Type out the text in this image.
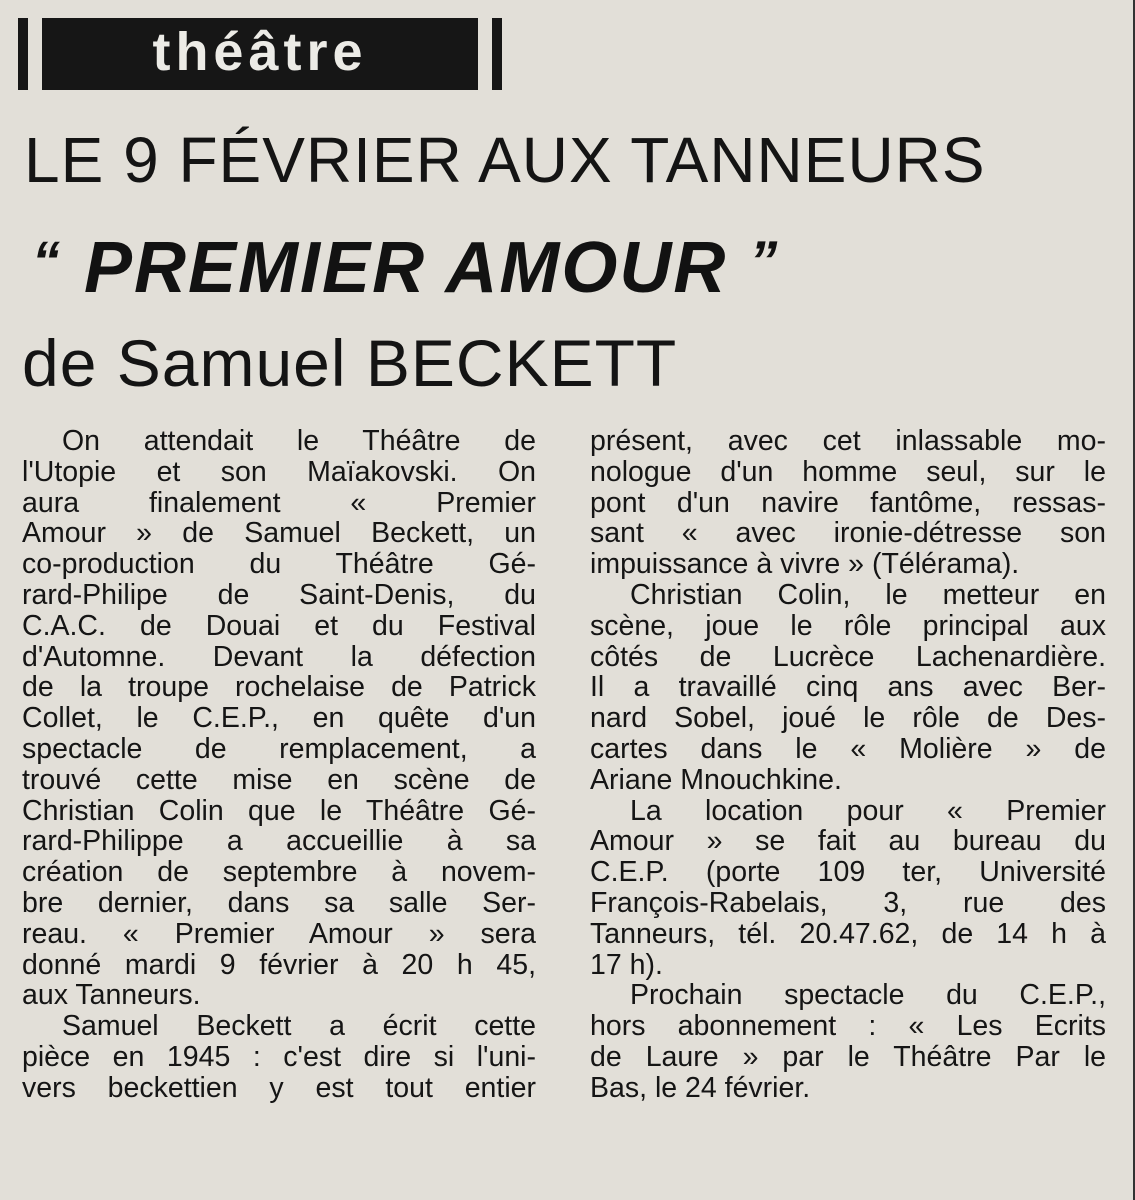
théâtre
LE 9 FÉVRIER AUX TANNEURS
“ PREMIER AMOUR ”
de Samuel BECKETT
On attendait le Théâtre de
l'Utopie et son Maïakovski. On
aura finalement « Premier
Amour » de Samuel Beckett, un
co-production du Théâtre Gé-
rard-Philipe de Saint-Denis, du
C.A.C. de Douai et du Festival
d'Automne. Devant la défection
de la troupe rochelaise de Patrick
Collet, le C.E.P., en quête d'un
spectacle de remplacement, a
trouvé cette mise en scène de
Christian Colin que le Théâtre Gé-
rard-Philippe a accueillie à sa
création de septembre à novem-
bre dernier, dans sa salle Ser-
reau. « Premier Amour » sera
donné mardi 9 février à 20 h 45,
aux Tanneurs.
Samuel Beckett a écrit cette
pièce en 1945 : c'est dire si l'uni-
vers beckettien y est tout entier
présent, avec cet inlassable mo-
nologue d'un homme seul, sur le
pont d'un navire fantôme, ressas-
sant « avec ironie-détresse son
impuissance à vivre » (Télérama).
Christian Colin, le metteur en
scène, joue le rôle principal aux
côtés de Lucrèce Lachenardière.
Il a travaillé cinq ans avec Ber-
nard Sobel, joué le rôle de Des-
cartes dans le « Molière » de
Ariane Mnouchkine.
La location pour « Premier
Amour » se fait au bureau du
C.E.P. (porte 109 ter, Université
François-Rabelais, 3, rue des
Tanneurs, tél. 20.47.62, de 14 h à
17 h).
Prochain spectacle du C.E.P.,
hors abonnement : « Les Ecrits
de Laure » par le Théâtre Par le
Bas, le 24 février.
